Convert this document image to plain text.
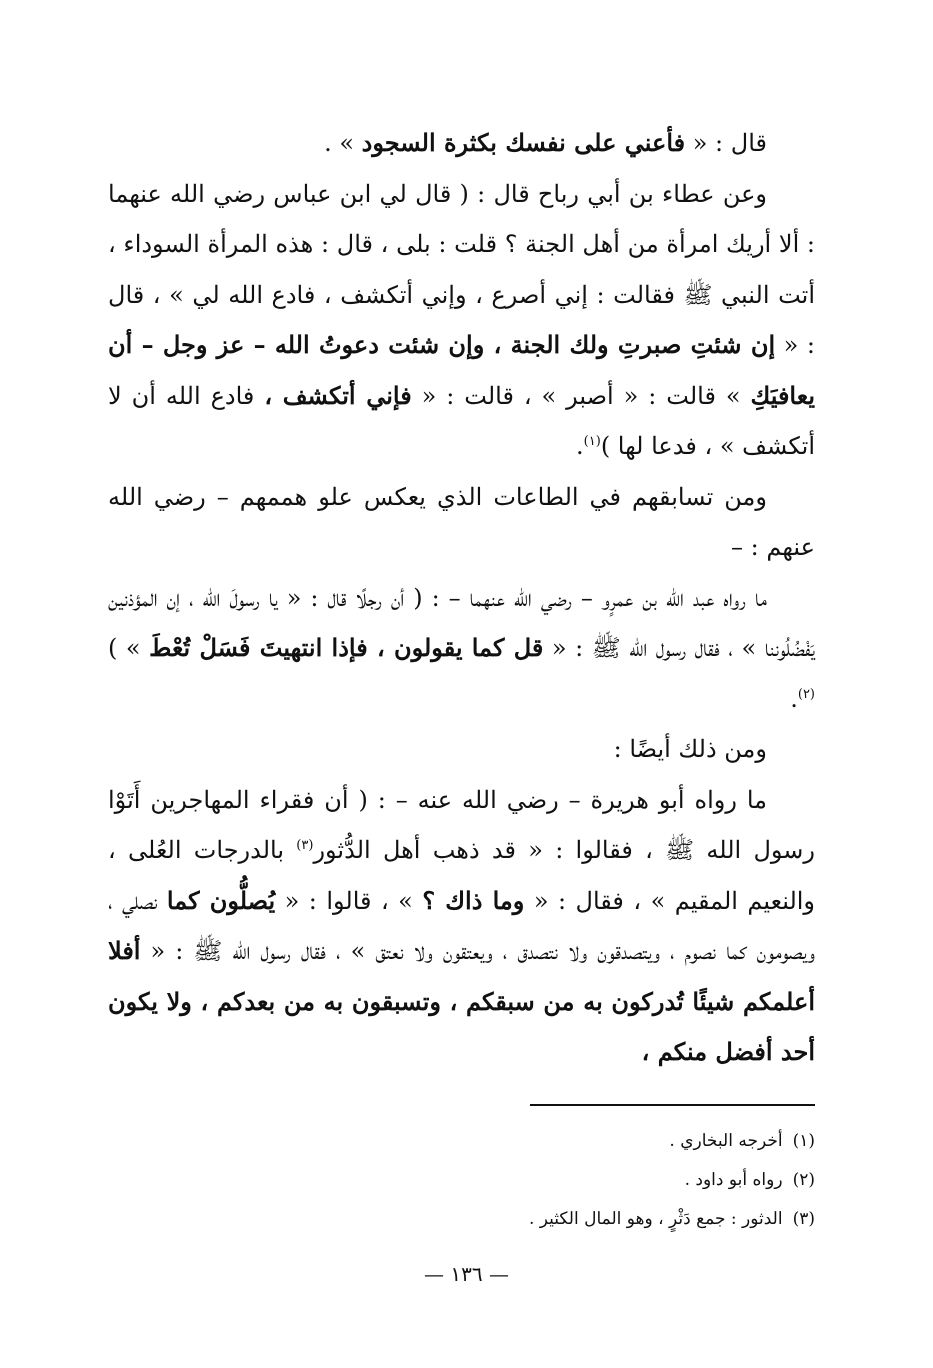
قال : « فأعني على نفسك بكثرة السجود » .

وعن عطاء بن أبي رباح قال : ( قال لي ابن عباس رضي الله عنهما : ألا أريك امرأة من أهل الجنة ؟ قلت : بلى ، قال : هذه المرأة السوداء ، أتت النبي ﷺ فقالت : إني أصرع ، وإني أتكشف ، فادع الله لي » ، قال : « إن شئتِ صبرتِ ولك الجنة ، وإن شئت دعوتُ الله – عز وجل – أن يعافيَكِ » قالت : « أصبر » ، قالت : « فإني أتكشف ، فادع الله أن لا أتكشف » ، فدعا لها )$^{(١)}$.

ومن تسابقهم في الطاعات الذي يعكس علو هممهم – رضي الله عنهم : –

ما رواه عبد الله بن عمرٍو – رضي الله عنهما – : ( أن رجلًا قال : « يا رسولَ الله ، إن المؤذنين يَفْضُلُوننا » ، فقال رسول الله ﷺ : « قل كما يقولون ، فإذا انتهيتَ فَسَلْ تُعْطَ » )$^{(٢)}$.

ومن ذلك أيضًا :

ما رواه أبو هريرة – رضي الله عنه – : ( أن فقراء المهاجرين أَتَوْا رسول الله ﷺ ، فقالوا : « قد ذهب أهل الدُّثور$^{(٣)}$ بالدرجات العُلى ، والنعيم المقيم » ، فقال : « وما ذاك ؟ » ، قالوا : « يُصلُّون كما نصلي ، ويصومون كما نصوم ، ويتصدقون ولا نتصدق ، ويعتقون ولا نعتق » ، فقال رسول الله ﷺ : « أفلا أعلمكم شيئًا تُدركون به من سبقكم ، وتسبقون به من بعدكم ، ولا يكون أحد أفضل منكم ،

(١)أخرجه البخاري .
(٢)رواه أبو داود .
(٣)الدثور : جمع دَثْرٍ ، وهو المال الكثير .
— ١٣٦ —
